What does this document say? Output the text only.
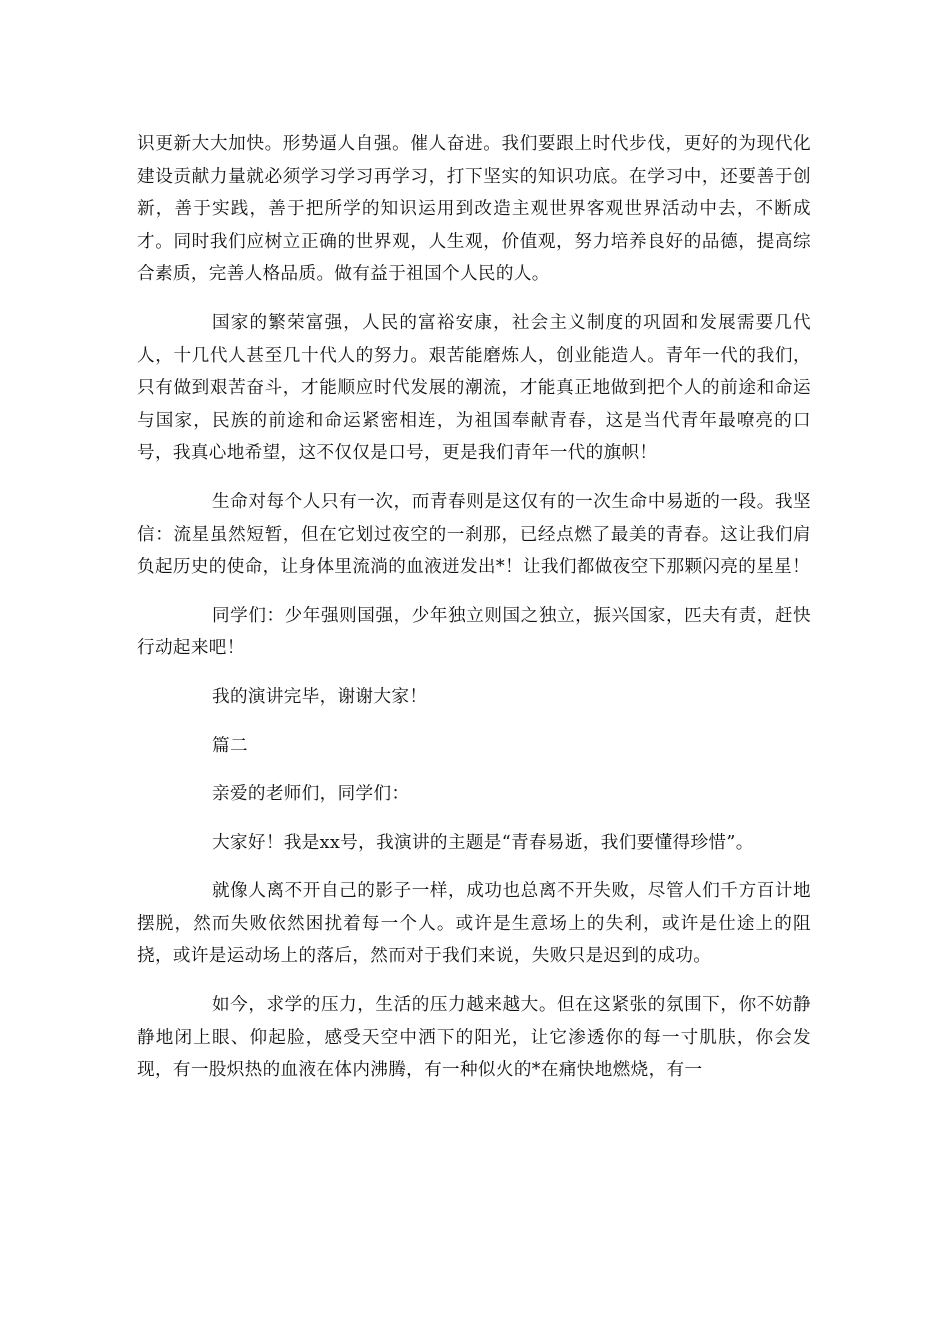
识更新大大加快。形势逼人自强。催人奋进。我们要跟上时代步伐，更好的为现代化建设贡献力量就必须学习学习再学习，打下坚实的知识功底。在学习中，还要善于创新，善于实践，善于把所学的知识运用到改造主观世界客观世界活动中去，不断成才。同时我们应树立正确的世界观，人生观，价值观，努力培养良好的品德，提高综合素质，完善人格品质。做有益于祖国个人民的人。

国家的繁荣富强，人民的富裕安康，社会主义制度的巩固和发展需要几代人，十几代人甚至几十代人的努力。艰苦能磨炼人，创业能造人。青年一代的我们，只有做到艰苦奋斗，才能顺应时代发展的潮流，才能真正地做到把个人的前途和命运与国家，民族的前途和命运紧密相连，为祖国奉献青春，这是当代青年最嘹亮的口号，我真心地希望，这不仅仅是口号，更是我们青年一代的旗帜！

生命对每个人只有一次，而青春则是这仅有的一次生命中易逝的一段。我坚信：流星虽然短暂，但在它划过夜空的一刹那，已经点燃了最美的青春。这让我们肩负起历史的使命，让身体里流淌的血液迸发出*！让我们都做夜空下那颗闪亮的星星！

同学们：少年强则国强，少年独立则国之独立，振兴国家，匹夫有责，赶快行动起来吧！

我的演讲完毕，谢谢大家！

篇二

亲爱的老师们，同学们：

大家好！我是xx号，我演讲的主题是“青春易逝，我们要懂得珍惜”。

就像人离不开自己的影子一样，成功也总离不开失败，尽管人们千方百计地摆脱，然而失败依然困扰着每一个人。或许是生意场上的失利，或许是仕途上的阻挠，或许是运动场上的落后，然而对于我们来说，失败只是迟到的成功。

如今，求学的压力，生活的压力越来越大。但在这紧张的氛围下，你不妨静静地闭上眼、仰起脸，感受天空中洒下的阳光，让它渗透你的每一寸肌肤，你会发现，有一股炽热的血液在体内沸腾，有一种似火的*在痛快地燃烧，有一
